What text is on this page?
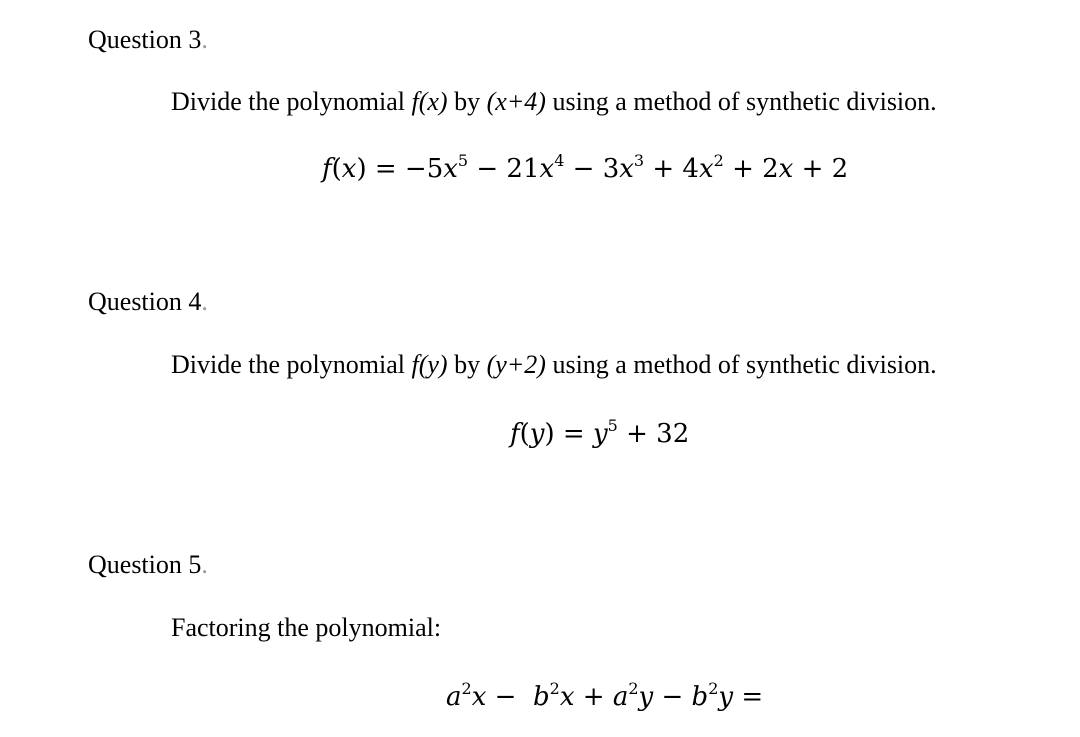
Question 3.
Divide the polynomial f(x) by (x+4) using a method of synthetic division.
$f(x) = -5x^5 - 21x^4 - 3x^3 + 4x^2 + 2x + 2$
Question 4.
Divide the polynomial f(y) by (y+2) using a method of synthetic division.
$f(y) = y^5 + 32$
Question 5.
Factoring the polynomial:
$a^2x - b^2x + a^2y - b^2y$ =
